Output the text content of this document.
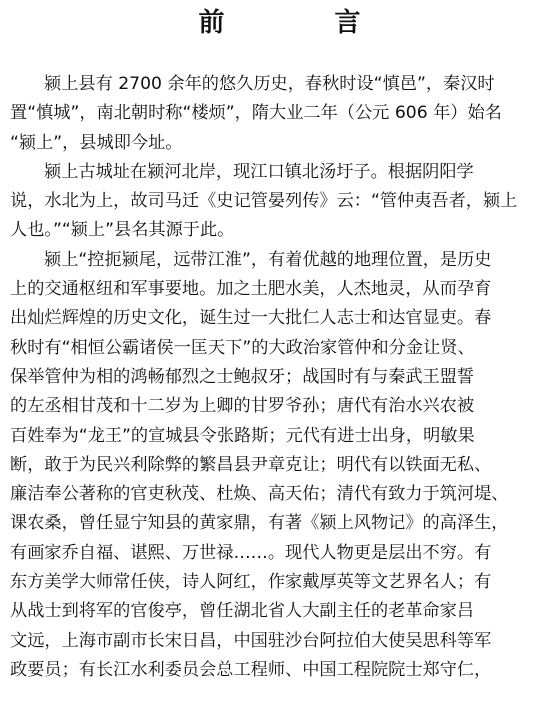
前　言
颍上县有 2700 余年的悠久历史，春秋时设“慎邑”，秦汉时
置“慎城”，南北朝时称“楼烦”，隋大业二年（公元 606 年）始名
“颍上”，县城即今址。
颍上古城址在颍河北岸，现江口镇北汤圩子。根据阴阳学
说，水北为上，故司马迁《史记管晏列传》云：“管仲夷吾者，颍上
人也。”“颍上”县名其源于此。
颍上“控扼颍尾，远带江淮”，有着优越的地理位置，是历史
上的交通枢纽和军事要地。加之土肥水美，人杰地灵，从而孕育
出灿烂辉煌的历史文化，诞生过一大批仁人志士和达官显吏。春
秋时有“相恒公霸诸侯一匡天下”的大政治家管仲和分金让贤、
保举管仲为相的鸿畅郁烈之士鲍叔牙；战国时有与秦武王盟誓
的左丞相甘茂和十二岁为上卿的甘罗爷孙；唐代有治水兴农被
百姓奉为“龙王”的宣城县令张路斯；元代有进士出身，明敏果
断，敢于为民兴利除弊的繁昌县尹章克让；明代有以铁面无私、
廉洁奉公著称的官吏秋茂、杜焕、高天佑；清代有致力于筑河堤、
课农桑，曾任显宁知县的黄家鼎，有著《颍上风物记》的高泽生，
有画家乔自福、谌熙、万世禄……。现代人物更是层出不穷。有
东方美学大师常任侠，诗人阿红，作家戴厚英等文艺界名人；有
从战士到将军的官俊亭，曾任湖北省人大副主任的老革命家吕
文远，上海市副市长宋日昌，中国驻沙台阿拉伯大使吴思科等军
政要员；有长江水利委员会总工程师、中国工程院院士郑守仁，
